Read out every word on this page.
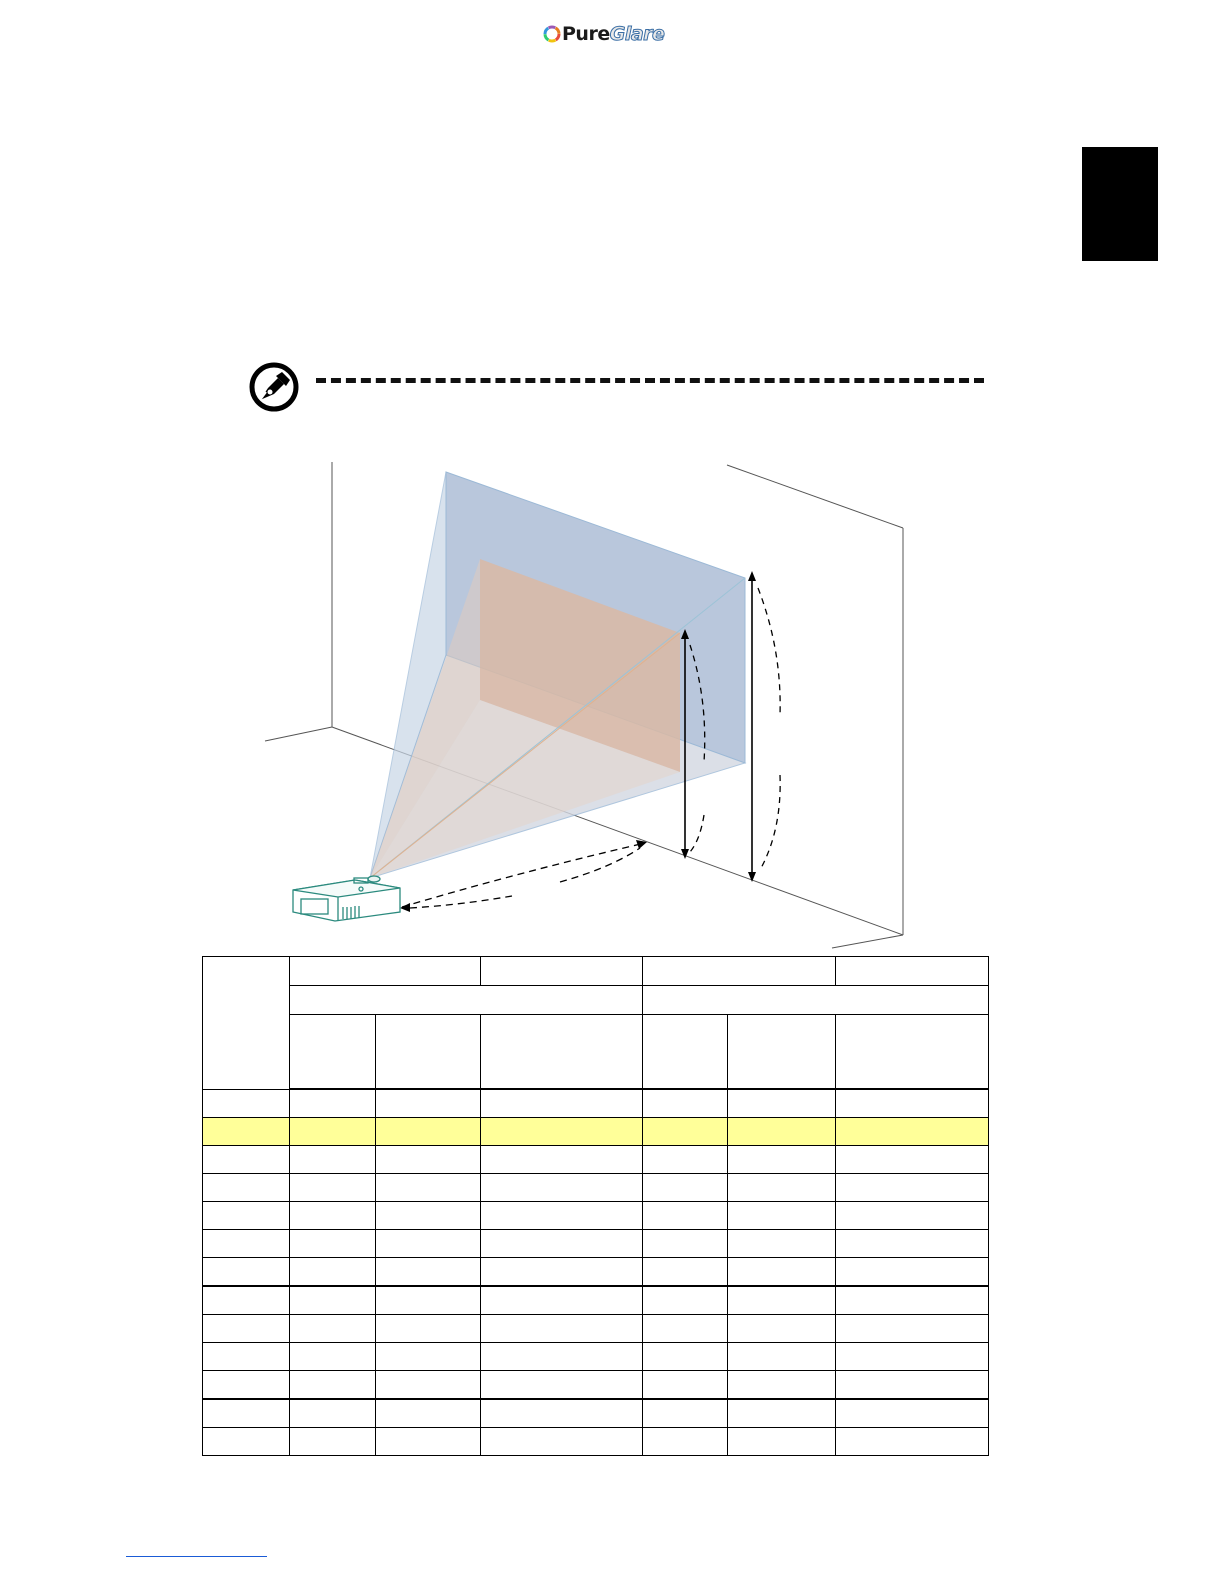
Pure Glare
